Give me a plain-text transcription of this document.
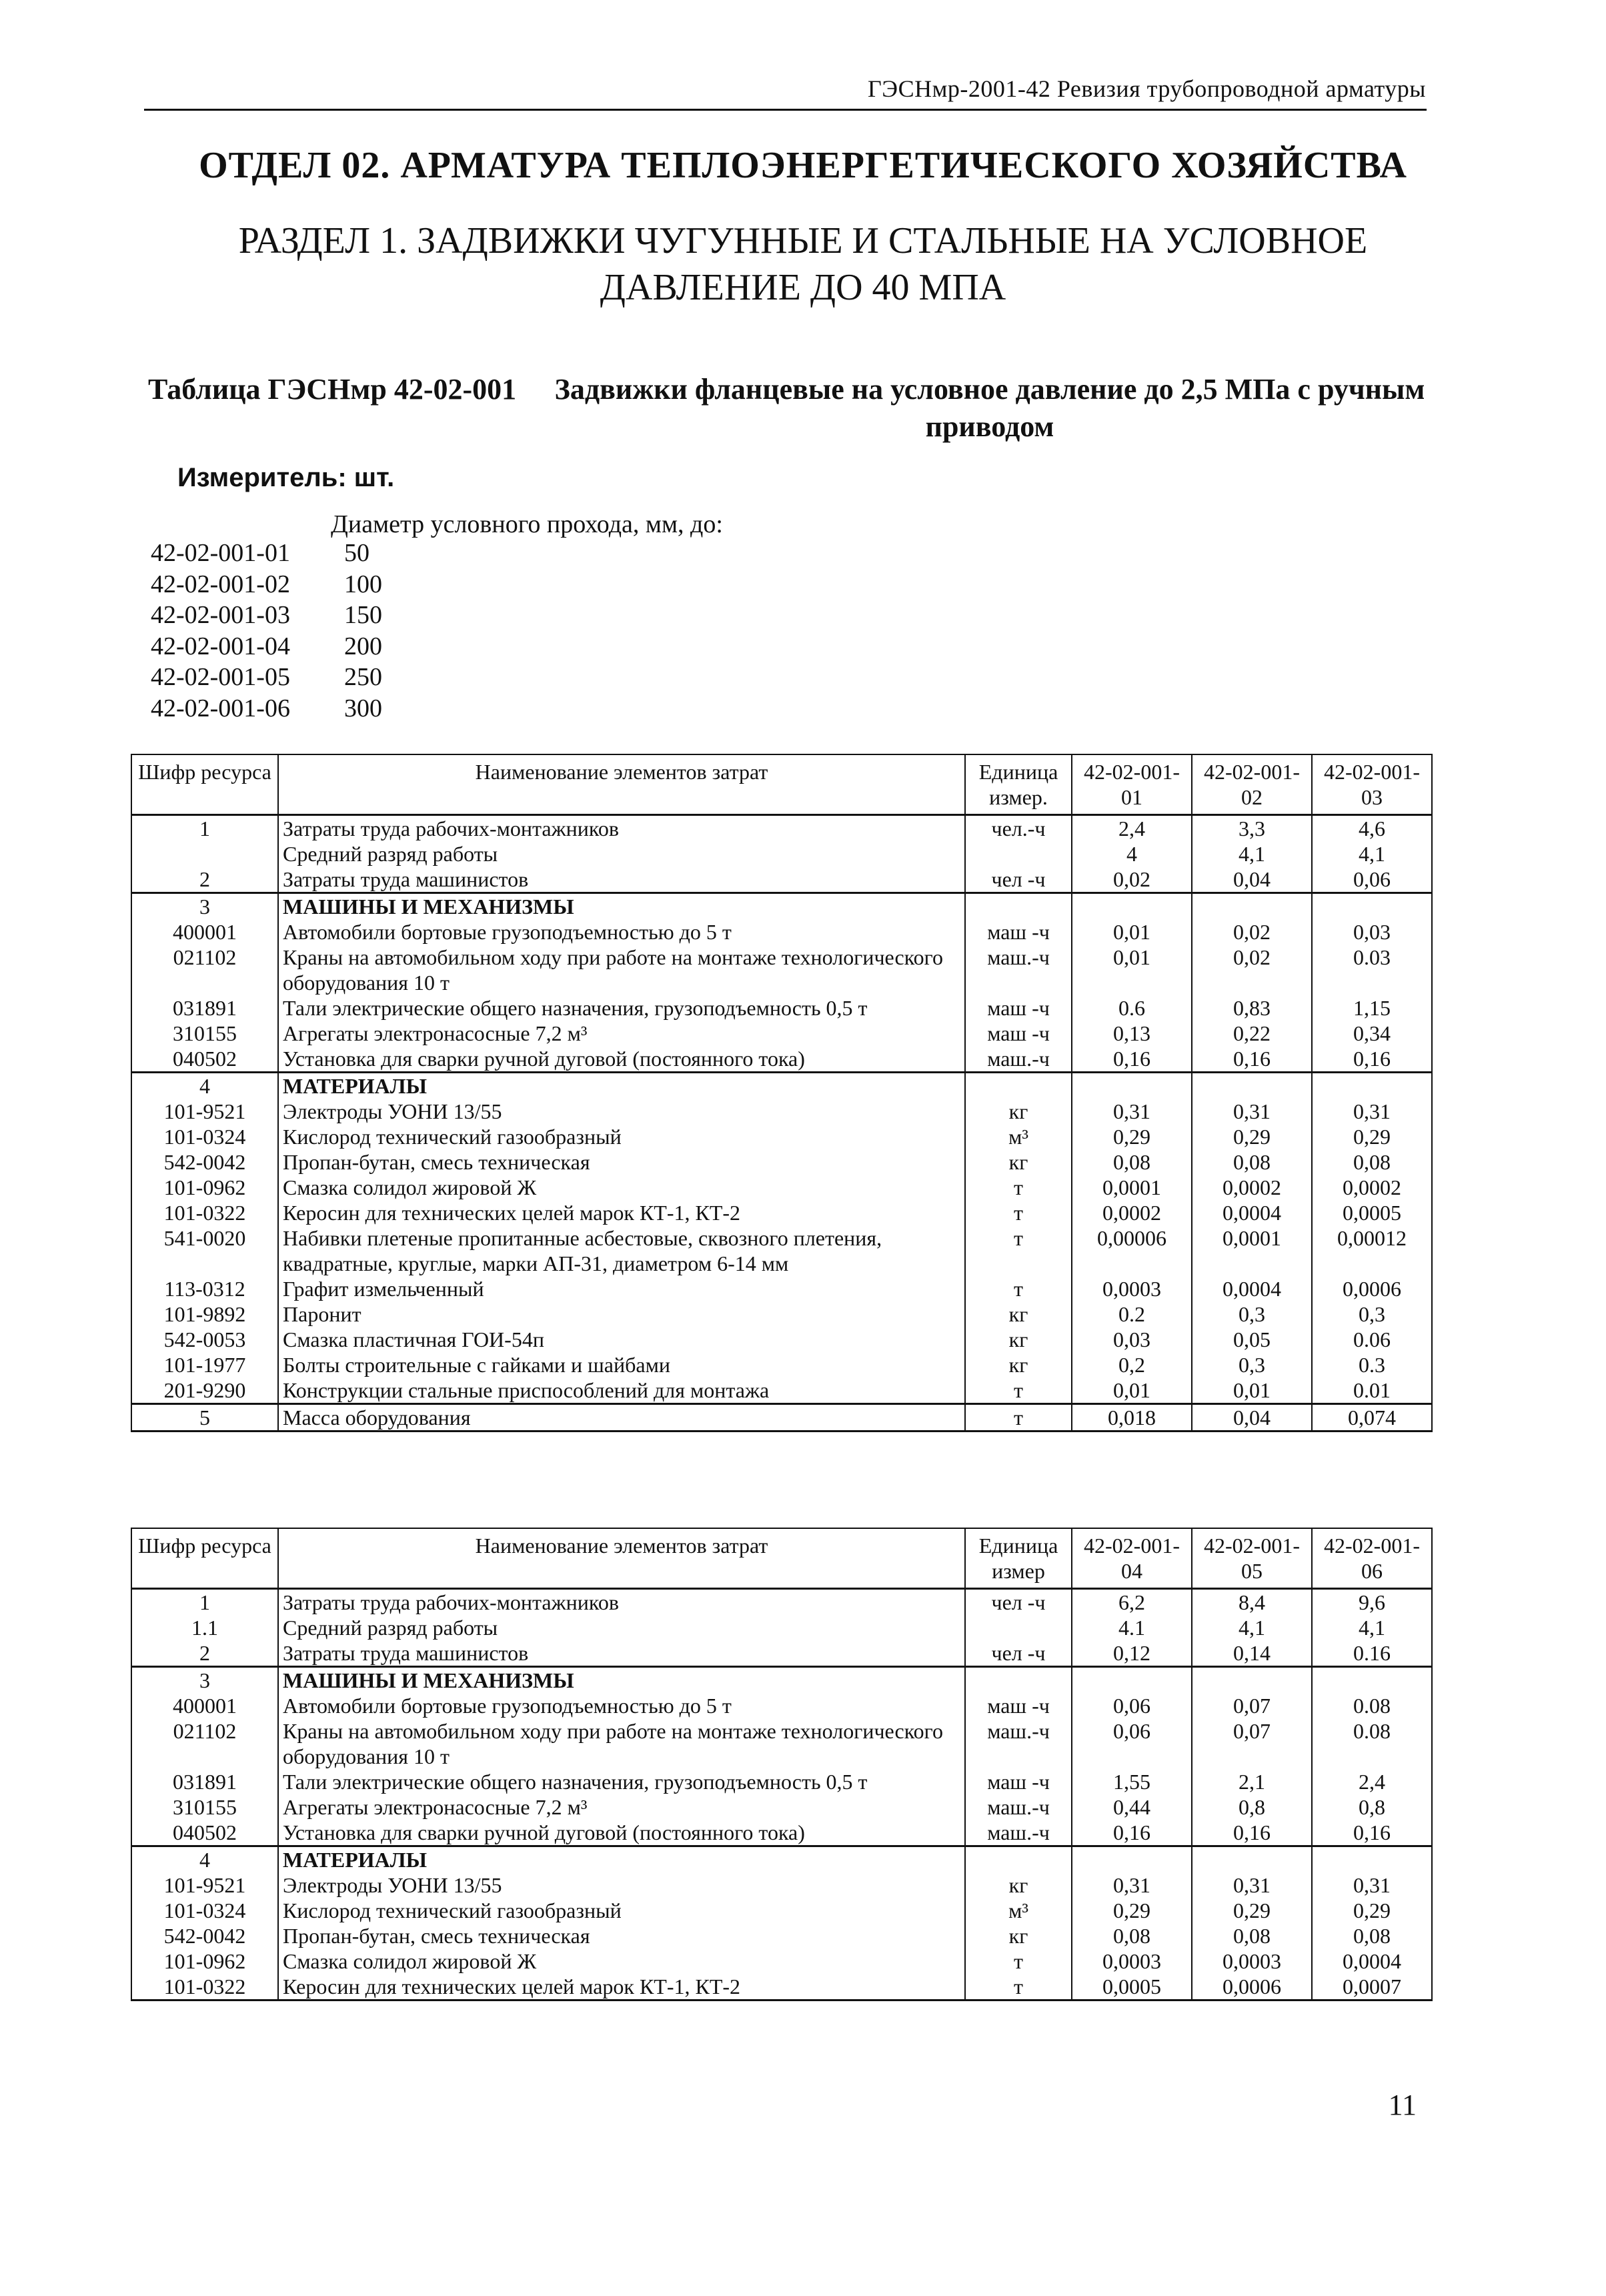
ГЭСНмр-2001-42 Ревизия трубопроводной арматуры
ОТДЕЛ 02. АРМАТУРА ТЕПЛОЭНЕРГЕТИЧЕСКОГО ХОЗЯЙСТВА
РАЗДЕЛ 1. ЗАДВИЖКИ ЧУГУННЫЕ И СТАЛЬНЫЕ НА УСЛОВНОЕ
ДАВЛЕНИЕ ДО 40 МПА
Таблица ГЭСНмр 42-02-001	Задвижки фланцевые на условное давление до 2,5 МПа с ручным приводом
Измеритель: шт.
Диаметр условного прохода, мм, до:
42-02-001-01	50
42-02-001-02	100
42-02-001-03	150
42-02-001-04	200
42-02-001-05	250
42-02-001-06	300
Шифр ресурса	Наименование элементов затрат	Единица измер.	42-02-001-01	42-02-001-02	42-02-001-03
1	Затраты труда рабочих-монтажников	чел.-ч	2,4	3,3	4,6
	Средний разряд работы		4	4,1	4,1
2	Затраты труда машинистов	чел -ч	0,02	0,04	0,06
3	МАШИНЫ И МЕХАНИЗМЫ				
400001	Автомобили бортовые грузоподъемностью до 5 т	маш -ч	0,01	0,02	0,03
021102	Краны на автомобильном ходу при работе на монтаже технологического оборудования 10 т	маш.-ч	0,01	0,02	0.03
031891	Тали электрические общего назначения, грузоподъемность 0,5 т	маш -ч	0.6	0,83	1,15
310155	Агрегаты электронасосные 7,2 м³	маш -ч	0,13	0,22	0,34
040502	Установка для сварки ручной дуговой (постоянного тока)	маш.-ч	0,16	0,16	0,16
4	МАТЕРИАЛЫ				
101-9521	Электроды УОНИ 13/55	кг	0,31	0,31	0,31
101-0324	Кислород технический газообразный	м³	0,29	0,29	0,29
542-0042	Пропан-бутан, смесь техническая	кг	0,08	0,08	0,08
101-0962	Смазка солидол жировой Ж	т	0,0001	0,0002	0,0002
101-0322	Керосин для технических целей марок КТ-1, КТ-2	т	0,0002	0,0004	0,0005
541-0020	Набивки плетеные пропитанные асбестовые, сквозного плетения, квадратные, круглые, марки АП-31, диаметром 6-14 мм	т	0,00006	0,0001	0,00012
113-0312	Графит измельченный	т	0,0003	0,0004	0,0006
101-9892	Паронит	кг	0.2	0,3	0,3
542-0053	Смазка пластичная ГОИ-54п	кг	0,03	0,05	0.06
101-1977	Болты строительные с гайками и шайбами	кг	0,2	0,3	0.3
201-9290	Конструкции стальные приспособлений для монтажа	т	0,01	0,01	0.01
5	Масса оборудования	т	0,018	0,04	0,074
Шифр ресурса	Наименование элементов затрат	Единица измер	42-02-001-04	42-02-001-05	42-02-001-06
1	Затраты труда рабочих-монтажников	чел -ч	6,2	8,4	9,6
1.1	Средний разряд работы		4.1	4,1	4,1
2	Затраты труда машинистов	чел -ч	0,12	0,14	0.16
3	МАШИНЫ И МЕХАНИЗМЫ				
400001	Автомобили бортовые грузоподъемностью до 5 т	маш -ч	0,06	0,07	0.08
021102	Краны на автомобильном ходу при работе на монтаже технологического оборудования 10 т	маш.-ч	0,06	0,07	0.08
031891	Тали электрические общего назначения, грузоподъемность 0,5 т	маш -ч	1,55	2,1	2,4
310155	Агрегаты электронасосные 7,2 м³	маш.-ч	0,44	0,8	0,8
040502	Установка для сварки ручной дуговой (постоянного тока)	маш.-ч	0,16	0,16	0,16
4	МАТЕРИАЛЫ				
101-9521	Электроды УОНИ 13/55	кг	0,31	0,31	0,31
101-0324	Кислород технический газообразный	м³	0,29	0,29	0,29
542-0042	Пропан-бутан, смесь техническая	кг	0,08	0,08	0,08
101-0962	Смазка солидол жировой Ж	т	0,0003	0,0003	0,0004
101-0322	Керосин для технических целей марок КТ-1, КТ-2	т	0,0005	0,0006	0,0007
11
